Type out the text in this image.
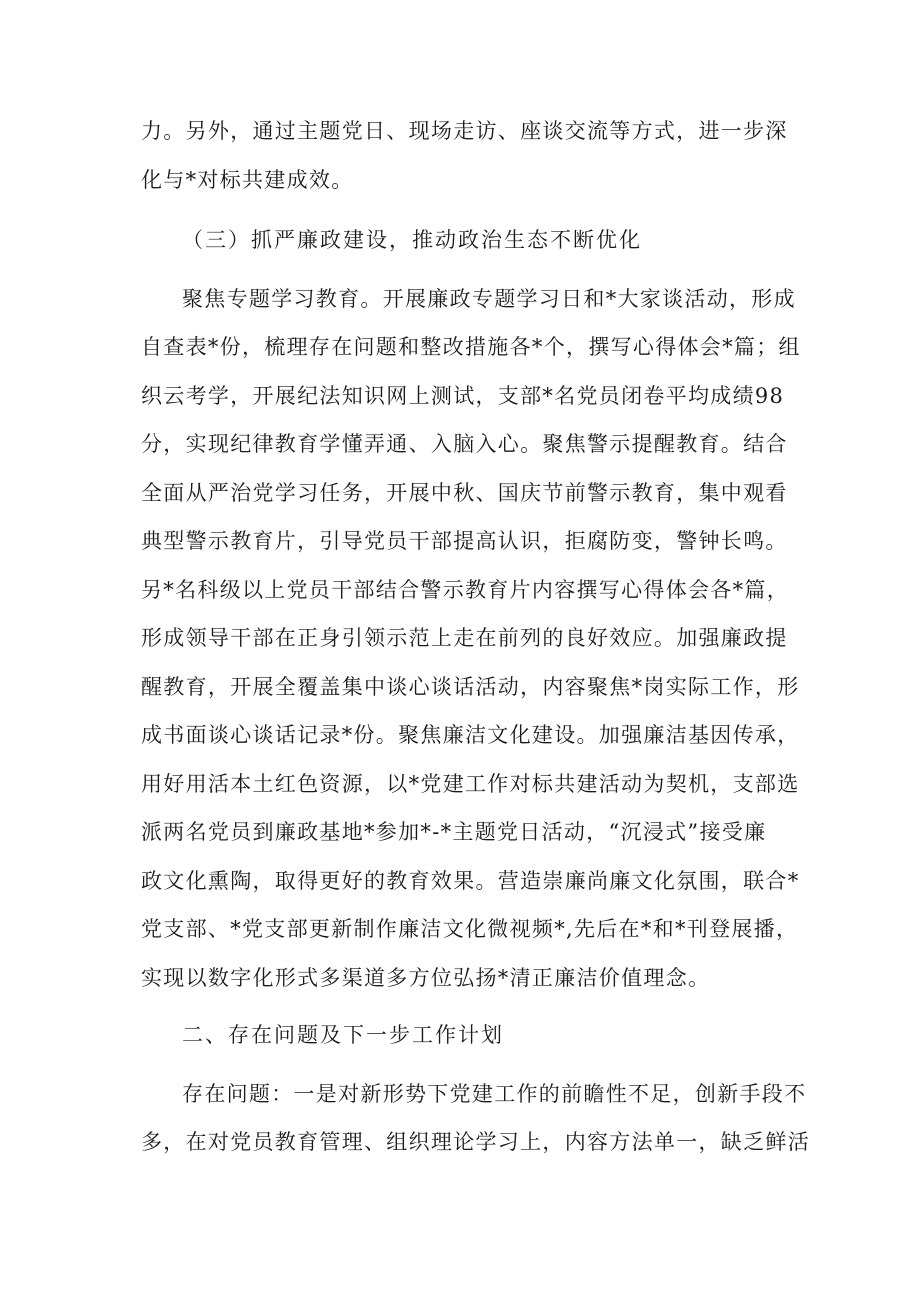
力。另外，通过主题党日、现场走访、座谈交流等方式，进一步深
化与*对标共建成效。
（三）抓严廉政建设，推动政治生态不断优化
聚焦专题学习教育。开展廉政专题学习日和*大家谈活动，形成
自查表*份，梳理存在问题和整改措施各*个，撰写心得体会*篇；组
织云考学，开展纪法知识网上测试，支部*名党员闭卷平均成绩98
分，实现纪律教育学懂弄通、入脑入心。聚焦警示提醒教育。结合
全面从严治党学习任务，开展中秋、国庆节前警示教育，集中观看
典型警示教育片，引导党员干部提高认识，拒腐防变，警钟长鸣。
另*名科级以上党员干部结合警示教育片内容撰写心得体会各*篇，
形成领导干部在正身引领示范上走在前列的良好效应。加强廉政提
醒教育，开展全覆盖集中谈心谈话活动，内容聚焦*岗实际工作，形
成书面谈心谈话记录*份。聚焦廉洁文化建设。加强廉洁基因传承，
用好用活本土红色资源，以*党建工作对标共建活动为契机，支部选
派两名党员到廉政基地*参加*-*主题党日活动，“沉浸式”接受廉
政文化熏陶，取得更好的教育效果。营造崇廉尚廉文化氛围，联合*
党支部、*党支部更新制作廉洁文化微视频*,先后在*和*刊登展播，
实现以数字化形式多渠道多方位弘扬*清正廉洁价值理念。
二、存在问题及下一步工作计划
存在问题：一是对新形势下党建工作的前瞻性不足，创新手段不
多，在对党员教育管理、组织理论学习上，内容方法单一，缺乏鲜活
